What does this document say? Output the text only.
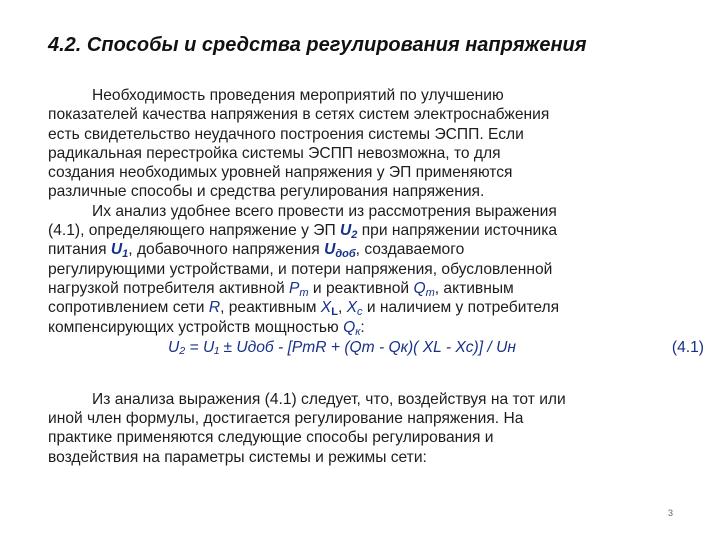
4.2. Способы и средства регулирования напряжения
Необходимость проведения мероприятий по улучшению
показателей качества напряжения в сетях систем электроснабжения
есть свидетельство неудачного построения системы ЭСПП. Если
радикальная перестройка системы ЭСПП невозможна, то для
создания необходимых уровней напряжения у ЭП применяются
различные способы и средства регулирования напряжения.
Их анализ удобнее всего провести из рассмотрения выражения
(4.1), определяющего напряжение у ЭП $U_2$ при напряжении источника
питания $U_1$, добавочного напряжения $U_{доб}$, создаваемого
регулирующими устройствами, и потери напряжения, обусловленной
нагрузкой потребителя активной $P_m$ и реактивной $Q_m$, активным
сопротивлением сети R, реактивным $X_L$, $X_c$ и наличием у потребителя
компенсирующих устройств мощностью $Q_к$:
U₂ = U₁ ± Uдоб - [PmR + (Qm - Qк)( XL - Xc)] / Uн	(4.1)
Из анализа выражения (4.1) следует, что, воздействуя на тот или
иной член формулы, достигается регулирование напряжения. На
практике применяются следующие способы регулирования и
воздействия на параметры системы и режимы сети:
3
